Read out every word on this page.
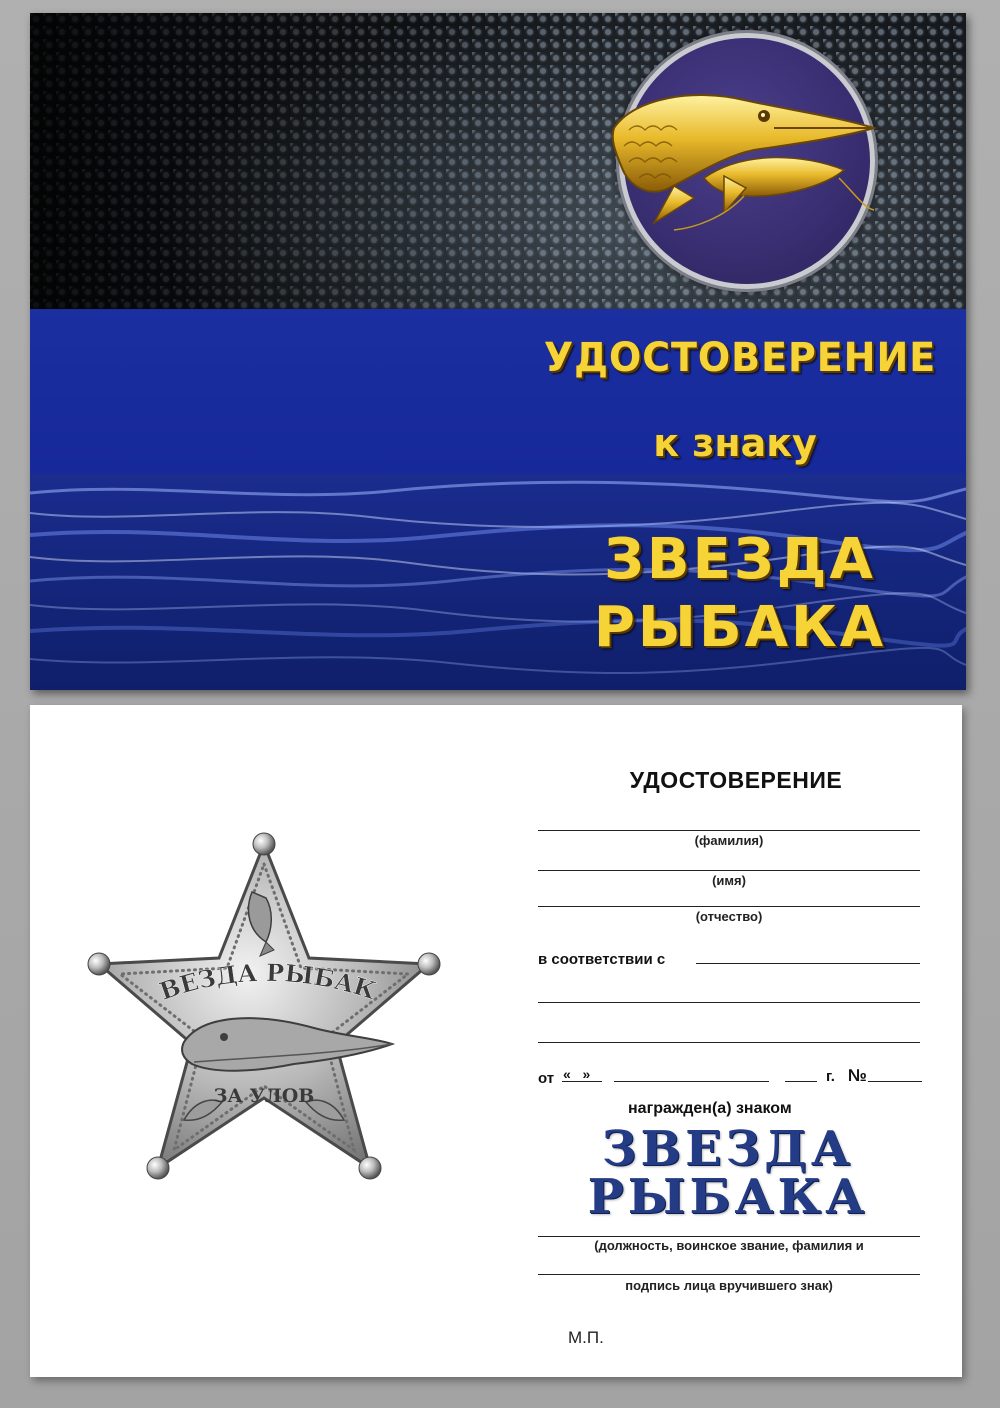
УДОСТОВЕРЕНИЕ
к знаку
ЗВЕЗДА
РЫБАКА
ВЕЗДА РЫБАК
ЗА УЛОВ
УДОСТОВЕРЕНИЕ
(фамилия)
(имя)
(отчество)
в соответствии с
от «   »	г. №
награжден(а) знаком
ЗВЕЗДА
РЫБАКА
(должность, воинское звание, фамилия и
подпись лица вручившего знак)
М.П.
